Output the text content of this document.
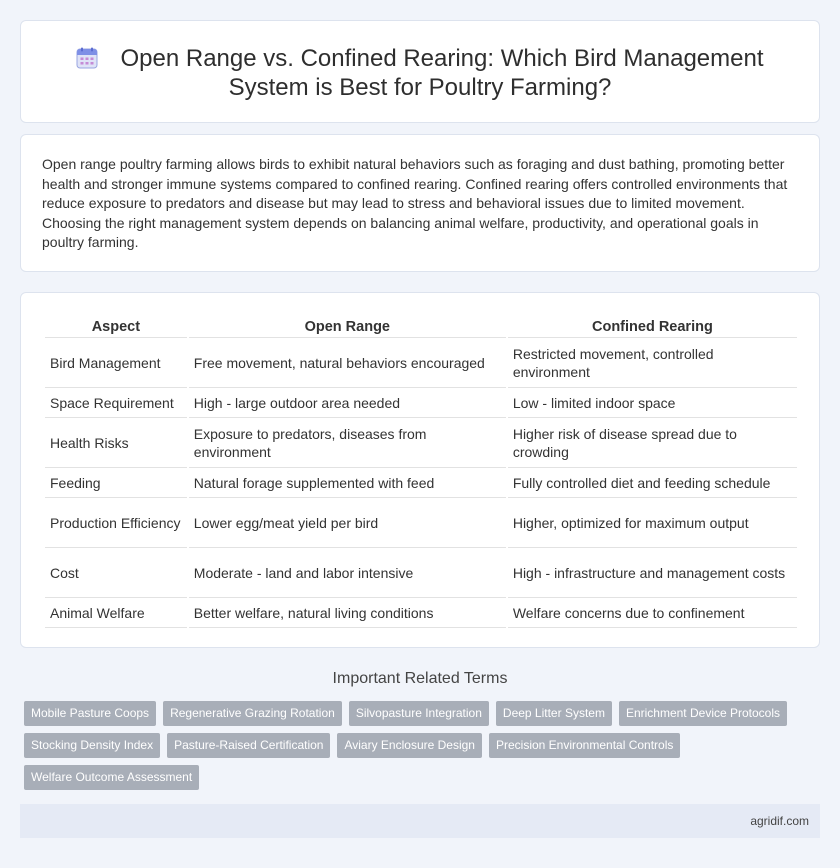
Open Range vs. Confined Rearing: Which Bird Management
System is Best for Poultry Farming?

Open range poultry farming allows birds to exhibit natural behaviors such as foraging and dust bathing, promoting better health and stronger immune systems compared to confined rearing. Confined rearing offers controlled environments that reduce exposure to predators and disease but may lead to stress and behavioral issues due to limited movement. Choosing the right management system depends on balancing animal welfare, productivity, and operational goals in poultry farming.

Aspect	Open Range	Confined Rearing
Bird Management	Free movement, natural behaviors encouraged	Restricted movement, controlled environment
Space Requirement	High - large outdoor area needed	Low - limited indoor space
Health Risks	Exposure to predators, diseases from environment	Higher risk of disease spread due to crowding
Feeding	Natural forage supplemented with feed	Fully controlled diet and feeding schedule
Production Efficiency	Lower egg/meat yield per bird	Higher, optimized for maximum output
Cost	Moderate - land and labor intensive	High - infrastructure and management costs
Animal Welfare	Better welfare, natural living conditions	Welfare concerns due to confinement
Important Related Terms
Mobile Pasture Coops	Regenerative Grazing Rotation	Silvopasture Integration	Deep Litter System	Enrichment Device Protocols
Stocking Density Index	Pasture-Raised Certification	Aviary Enclosure Design	Precision Environmental Controls
Welfare Outcome Assessment
agridif.com
